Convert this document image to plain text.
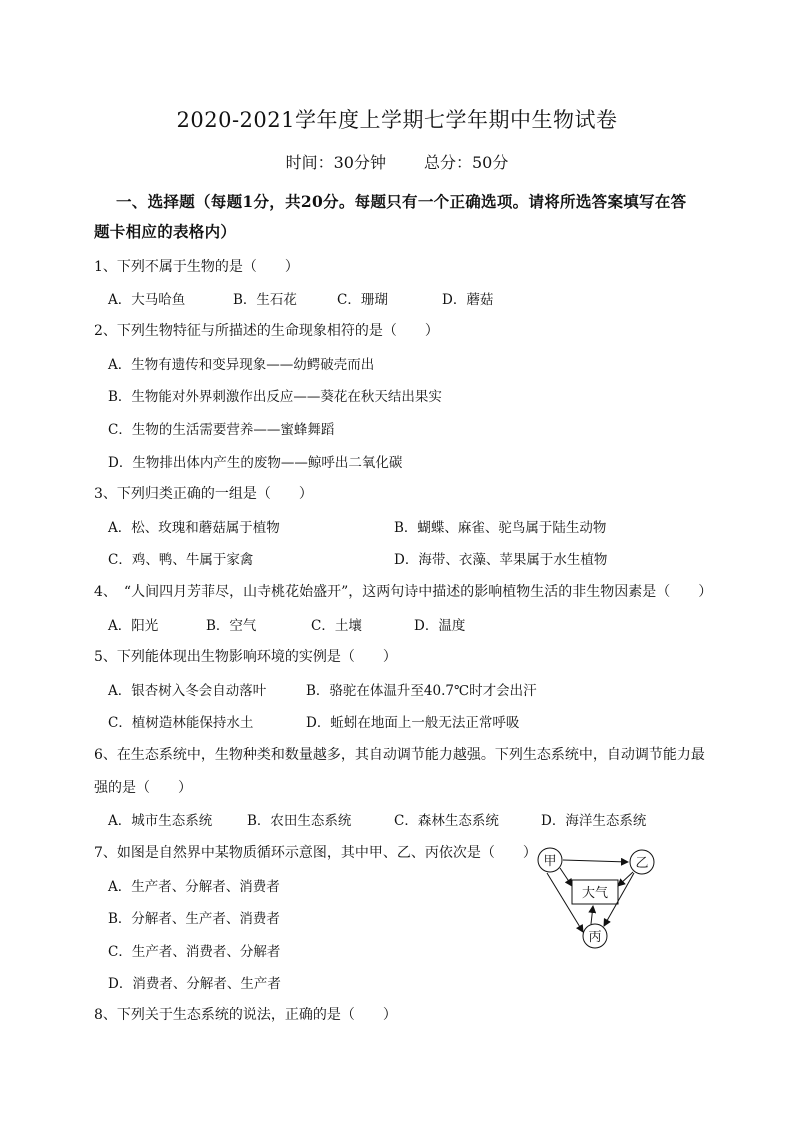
2020-2021学年度上学期七学年期中生物试卷
时间：30分钟 总分：50分
一、选择题（每题1分，共20分。每题只有一个正确选项。请将所选答案填写在答
题卡相应的表格内）
1、下列不属于生物的是（　　）
A．大马哈鱼	B．生石花	C．珊瑚	D．蘑菇
2、下列生物特征与所描述的生命现象相符的是（　　）
A．生物有遗传和变异现象——幼鳄破壳而出
B．生物能对外界刺激作出反应——葵花在秋天结出果实
C．生物的生活需要营养——蜜蜂舞蹈
D．生物排出体内产生的废物——鲸呼出二氧化碳
3、下列归类正确的一组是（　　）
A．松、玫瑰和蘑菇属于植物	B．蝴蝶、麻雀、驼鸟属于陆生动物
C．鸡、鸭、牛属于家禽	D．海带、衣藻、苹果属于水生植物
4、　“人间四月芳菲尽，山寺桃花始盛开”，这两句诗中描述的影响植物生活的非生物因素是（　　）
A．阳光	B．空气	C．土壤	D．温度
5、下列能体现出生物影响环境的实例是（　　）
A．银杏树入冬会自动落叶	B．骆驼在体温升至40.7℃时才会出汗
C．植树造林能保持水土	D．蚯蚓在地面上一般无法正常呼吸
6、在生态系统中，生物种类和数量越多，其自动调节能力越强。下列生态系统中，自动调节能力最
强的是（　　）
A．城市生态系统	B．农田生态系统	C．森林生态系统	D．海洋生态系统
7、如图是自然界中某物质循环示意图，其中甲、乙、丙依次是（　　）
A．生产者、分解者、消费者
B．分解者、生产者、消费者
C．生产者、消费者、分解者
D．消费者、分解者、生产者
甲	乙
丙
大气
8、下列关于生态系统的说法，正确的是（　　）
